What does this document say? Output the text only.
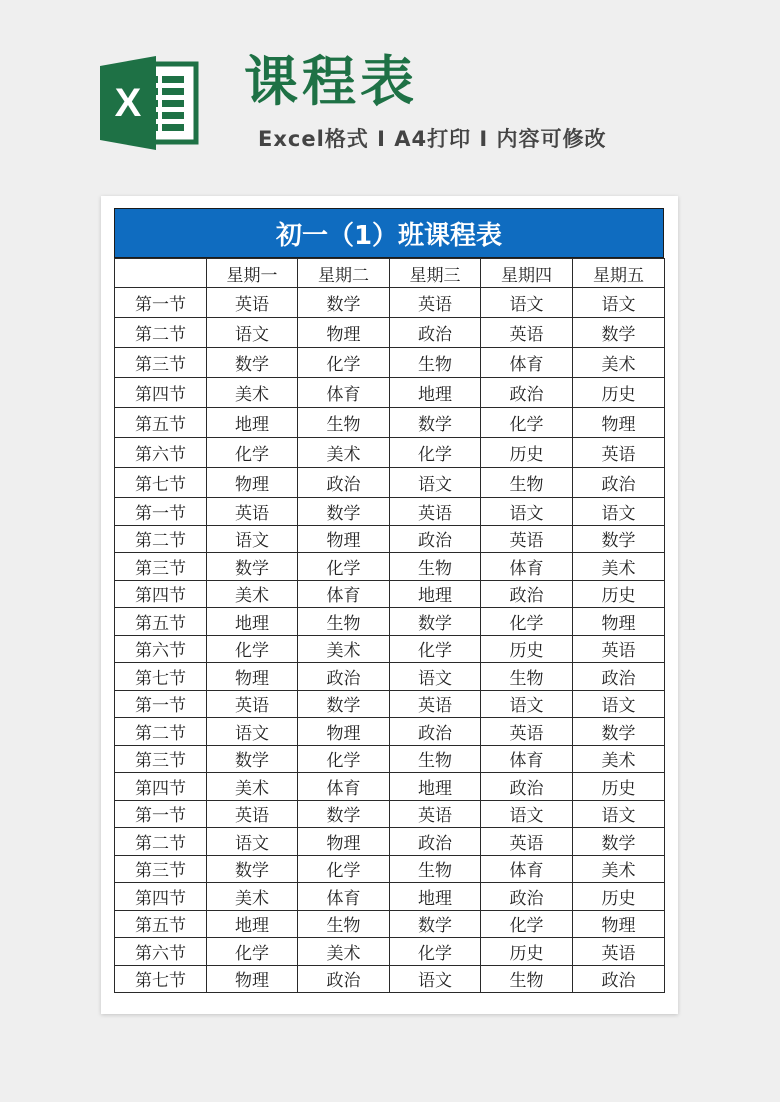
X 课程表
Excel格式 I A4打印 I 内容可修改
初一（1）班课程表
	星期一	星期二	星期三	星期四	星期五
第一节	英语	数学	英语	语文	语文
第二节	语文	物理	政治	英语	数学
第三节	数学	化学	生物	体育	美术
第四节	美术	体育	地理	政治	历史
第五节	地理	生物	数学	化学	物理
第六节	化学	美术	化学	历史	英语
第七节	物理	政治	语文	生物	政治
第一节	英语	数学	英语	语文	语文
第二节	语文	物理	政治	英语	数学
第三节	数学	化学	生物	体育	美术
第四节	美术	体育	地理	政治	历史
第五节	地理	生物	数学	化学	物理
第六节	化学	美术	化学	历史	英语
第七节	物理	政治	语文	生物	政治
第一节	英语	数学	英语	语文	语文
第二节	语文	物理	政治	英语	数学
第三节	数学	化学	生物	体育	美术
第四节	美术	体育	地理	政治	历史
第一节	英语	数学	英语	语文	语文
第二节	语文	物理	政治	英语	数学
第三节	数学	化学	生物	体育	美术
第四节	美术	体育	地理	政治	历史
第五节	地理	生物	数学	化学	物理
第六节	化学	美术	化学	历史	英语
第七节	物理	政治	语文	生物	政治
